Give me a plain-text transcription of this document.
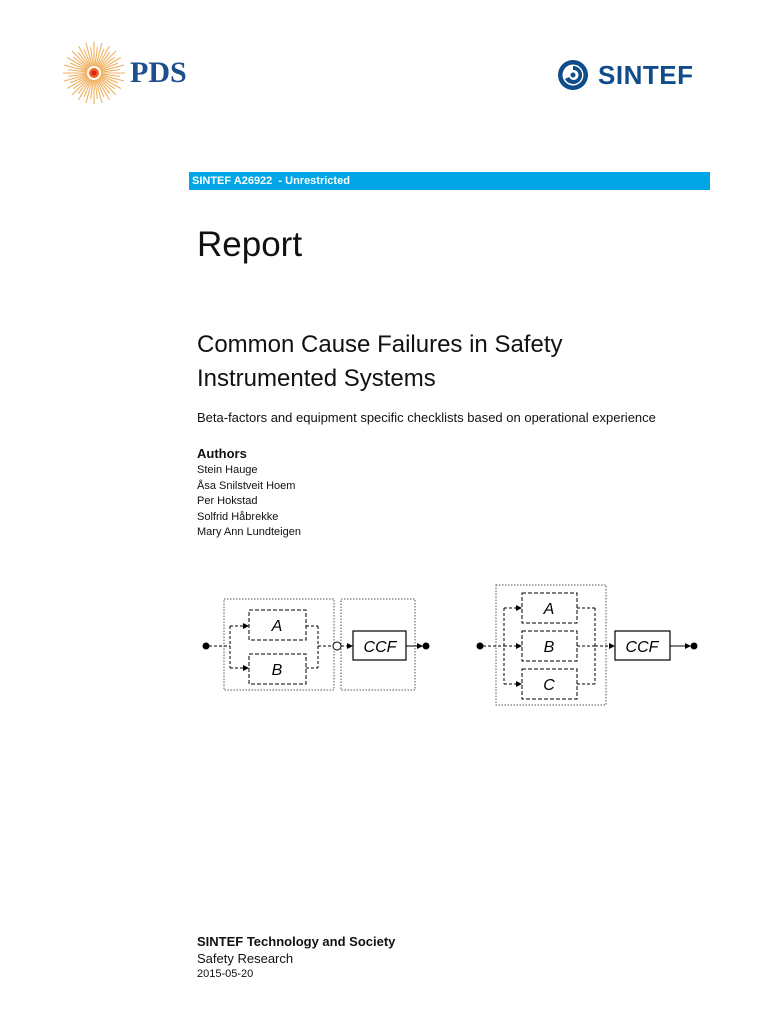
PDS	SINTEF
SINTEF A26922  - Unrestricted
Report
Common Cause Failures in Safety Instrumented Systems
Beta-factors and equipment specific checklists based on operational experience
Authors
Stein Hauge
Åsa Snilstveit Hoem
Per Hokstad
Solfrid Håbrekke
Mary Ann Lundteigen
A
B
CCF
A
B
C
CCF
SINTEF Technology and Society
Safety Research
2015-05-20
